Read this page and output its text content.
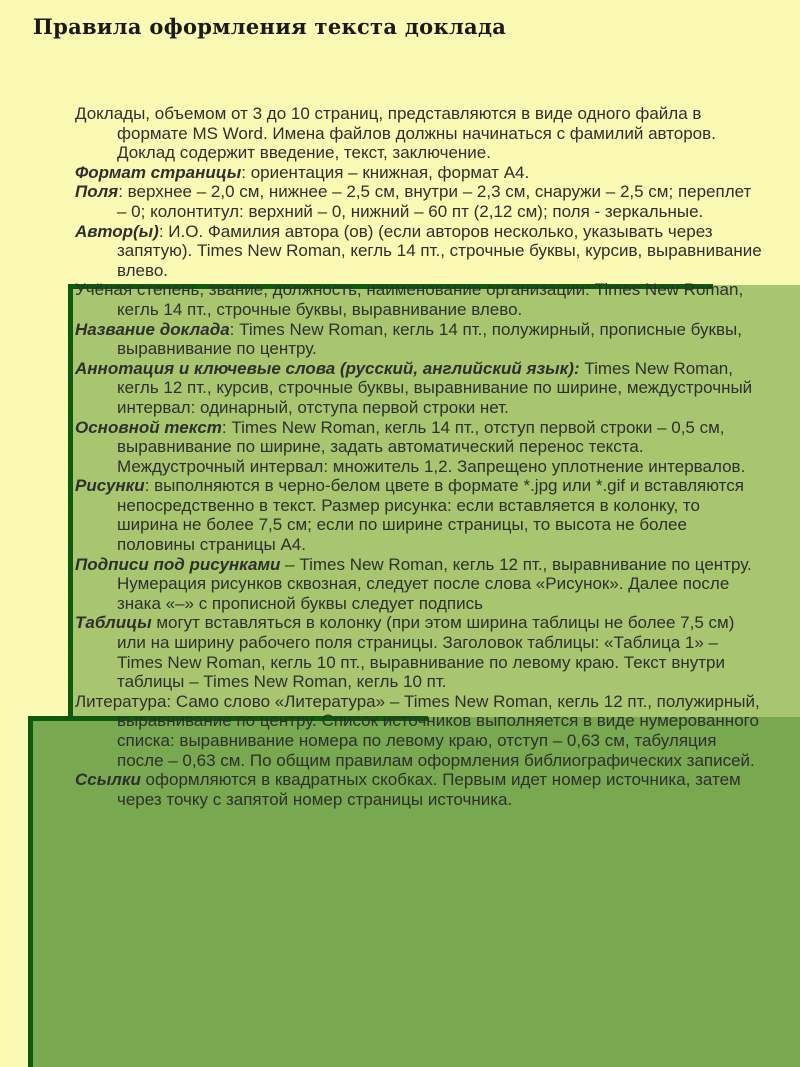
Правила оформления текста доклада

Доклады, объемом от 3 до 10 страниц, представляются в виде одного файла в формате MS Word. Имена файлов должны начинаться с фамилий авторов. Доклад содержит введение, текст, заключение.

Формат страницы: ориентация – книжная, формат А4.

Поля: верхнее – 2,0 см, нижнее – 2,5 см, внутри – 2,3 см, снаружи – 2,5 см; переплет – 0; колонтитул: верхний – 0, нижний – 60 пт (2,12 см); поля - зеркальные.

Автор(ы): И.О. Фамилия автора (ов) (если авторов несколько, указывать через запятую). Times New Roman, кегль 14 пт., строчные буквы, курсив, выравнивание влево.

Учёная степень, звание, должность, наименование организации: Times New Roman, кегль 14 пт., строчные буквы, выравнивание влево.

Название доклада: Times New Roman, кегль 14 пт., полужирный, прописные буквы, выравнивание по центру.

Аннотация и ключевые слова (русский, английский язык): Times New Roman, кегль 12 пт., курсив, строчные буквы, выравнивание по ширине, междустрочный интервал: одинарный, отступа первой строки нет.

Основной текст: Times New Roman, кегль 14 пт., отступ первой строки – 0,5 см, выравнивание по ширине, задать автоматический перенос текста. Междустрочный интервал: множитель 1,2. Запрещено уплотнение интервалов.

Рисунки: выполняются в черно-белом цвете в формате *.jpg или *.gif и вставляются непосредственно в текст. Размер рисунка: если вставляется в колонку, то ширина не более 7,5 см; если по ширине страницы, то высота не более половины страницы А4.

Подписи под рисунками – Times New Roman, кегль 12 пт., выравнивание по центру. Нумерация рисунков сквозная, следует после слова «Рисунок». Далее после знака «–» с прописной буквы следует подпись

Таблицы могут вставляться в колонку (при этом ширина таблицы не более 7,5 см) или на ширину рабочего поля страницы. Заголовок таблицы: «Таблица 1» – Times New Roman, кегль 10 пт., выравнивание по левому краю. Текст внутри таблицы – Times New Roman, кегль 10 пт.

Литература: Само слово «Литература» – Times New Roman, кегль 12 пт., полужирный, выравнивание по центру. Список источников выполняется в виде нумерованного списка: выравнивание номера по левому краю, отступ – 0,63 см, табуляция после – 0,63 см. По общим правилам оформления библиографических записей.

Ссылки оформляются в квадратных скобках. Первым идет номер источника, затем через точку с запятой номер страницы источника.
